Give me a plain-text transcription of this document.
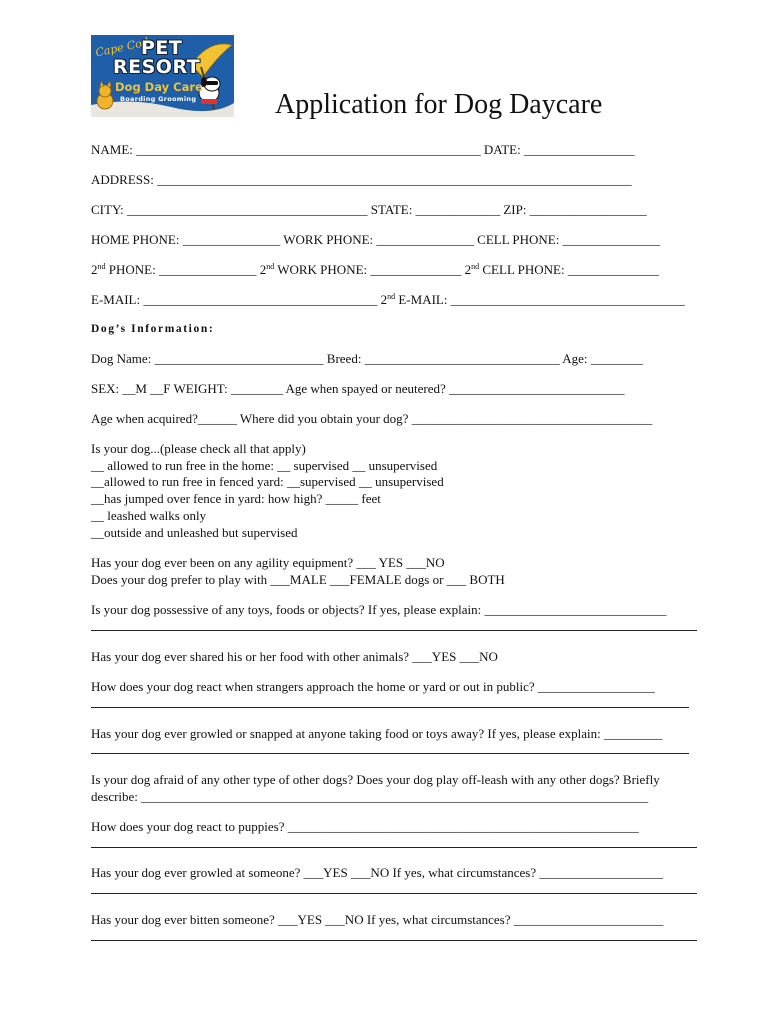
Cape Cod
PET
RESORT
Dog Day Care
Boarding Grooming	Application for Dog Daycare
NAME: _____________________________________________________ DATE: _________________
ADDRESS: _________________________________________________________________________
CITY: _____________________________________ STATE: _____________ ZIP: __________________
HOME PHONE: _______________ WORK PHONE: _______________ CELL PHONE: _______________
2nd PHONE: _______________ 2nd WORK PHONE: ______________ 2nd CELL PHONE: ______________
E-MAIL: ____________________________________ 2nd E-MAIL: ____________________________________
Dog’s Information:
Dog Name: __________________________ Breed: ______________________________ Age: ________
SEX: __M __F WEIGHT: ________ Age when spayed or neutered? ___________________________
Age when acquired?______ Where did you obtain your dog? _____________________________________
Is your dog...(please check all that apply)
__ allowed to run free in the home: __ supervised __ unsupervised
__allowed to run free in fenced yard: __supervised __ unsupervised
__has jumped over fence in yard: how high? _____ feet
__ leashed walks only
__outside and unleashed but supervised
Has your dog ever been on any agility equipment? ___ YES ___NO
Does your dog prefer to play with ___MALE ___FEMALE dogs or ___ BOTH
Is your dog possessive of any toys, foods or objects? If yes, please explain: ____________________________
Has your dog ever shared his or her food with other animals? ___YES ___NO
How does your dog react when strangers approach the home or yard or out in public? __________________
Has your dog ever growled or snapped at anyone taking food or toys away? If yes, please explain: _________
Is your dog afraid of any other type of other dogs? Does your dog play off-leash with any other dogs? Briefly
describe: ______________________________________________________________________________
How does your dog react to puppies? ______________________________________________________
Has your dog ever growled at someone? ___YES ___NO If yes, what circumstances? ___________________
Has your dog ever bitten someone? ___YES ___NO If yes, what circumstances? _______________________
